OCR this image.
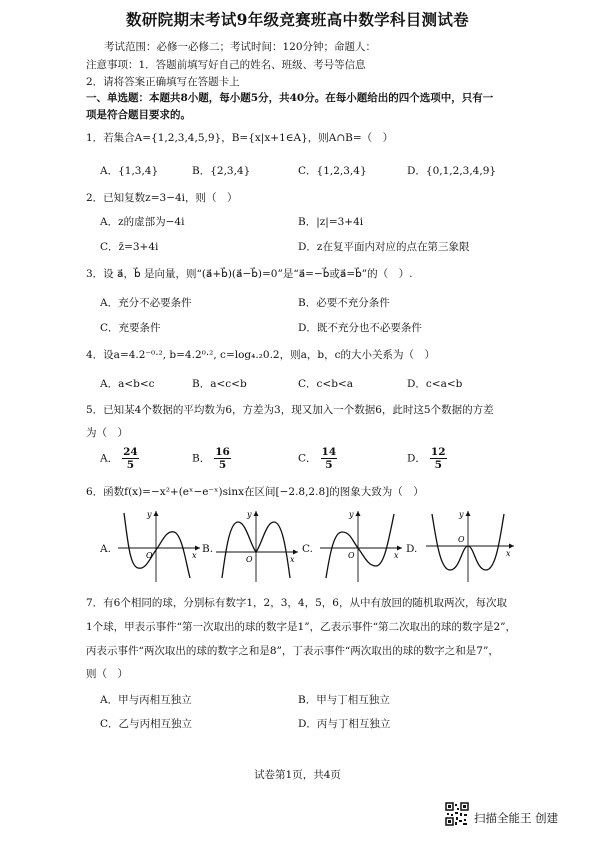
数研院期末考试9年级竞赛班高中数学科目测试卷
考试范围：必修一必修二；考试时间：120分钟；命题人：
注意事项：1．答题前填写好自己的姓名、班级、考号等信息
2．请将答案正确填写在答题卡上
一、单选题：本题共8小题，每小题5分，共40分。在每小题给出的四个选项中，只有一
项是符合题目要求的。
1．若集合A={1,2,3,4,5,9}，B={x|x+1∈A}，则A∩B=（　）
A．{1,3,4}	B．{2,3,4}	C．{1,2,3,4}	D．{0,1,2,3,4,9}
2．已知复数z=3−4i，则（　）
A．z的虚部为−4i	B．|z|=3+4i
C．z̄=3+4i	D．z在复平面内对应的点在第三象限
3．设 a⃗，b⃗ 是向量，则“(a⃗+b⃗)(a⃗−b⃗)=0”是“a⃗=−b⃗或a⃗=b⃗”的（　）.
A．充分不必要条件	B．必要不充分条件
C．充要条件	D．既不充分也不必要条件
4．设a=4.2⁻⁰·², b=4.2⁰·², c=log₄.₂0.2，则a，b，c的大小关系为（　）
A．a<b<c	B．a<c<b	C．c<b<a	D．c<a<b
5．已知某4个数据的平均数为6，方差为3，现又加入一个数据6，此时这5个数据的方差
为（　）
A． $\frac{24}{5}$	B． $\frac{16}{5}$	C． $\frac{14}{5}$	D． $\frac{12}{5}$
6．函数f(x)=−x²+(eˣ−e⁻ˣ)sinx在区间[−2.8,2.8]的图象大致为（　）
A.
y
x
O
B.
y
x
O
C.
y
x
O
D.
y
x
O
7．有6个相同的球，分别标有数字1，2，3，4，5，6，从中有放回的随机取两次，每次取
1个球，甲表示事件“第一次取出的球的数字是1”，乙表示事件“第二次取出的球的数字是2”，
丙表示事件“两次取出的球的数字之和是8”，丁表示事件“两次取出的球的数字之和是7”，
则（　）
A．甲与丙相互独立	B．甲与丁相互独立
C．乙与丙相互独立	D．丙与丁相互独立
试卷第1页，共4页
扫描全能王 创建
